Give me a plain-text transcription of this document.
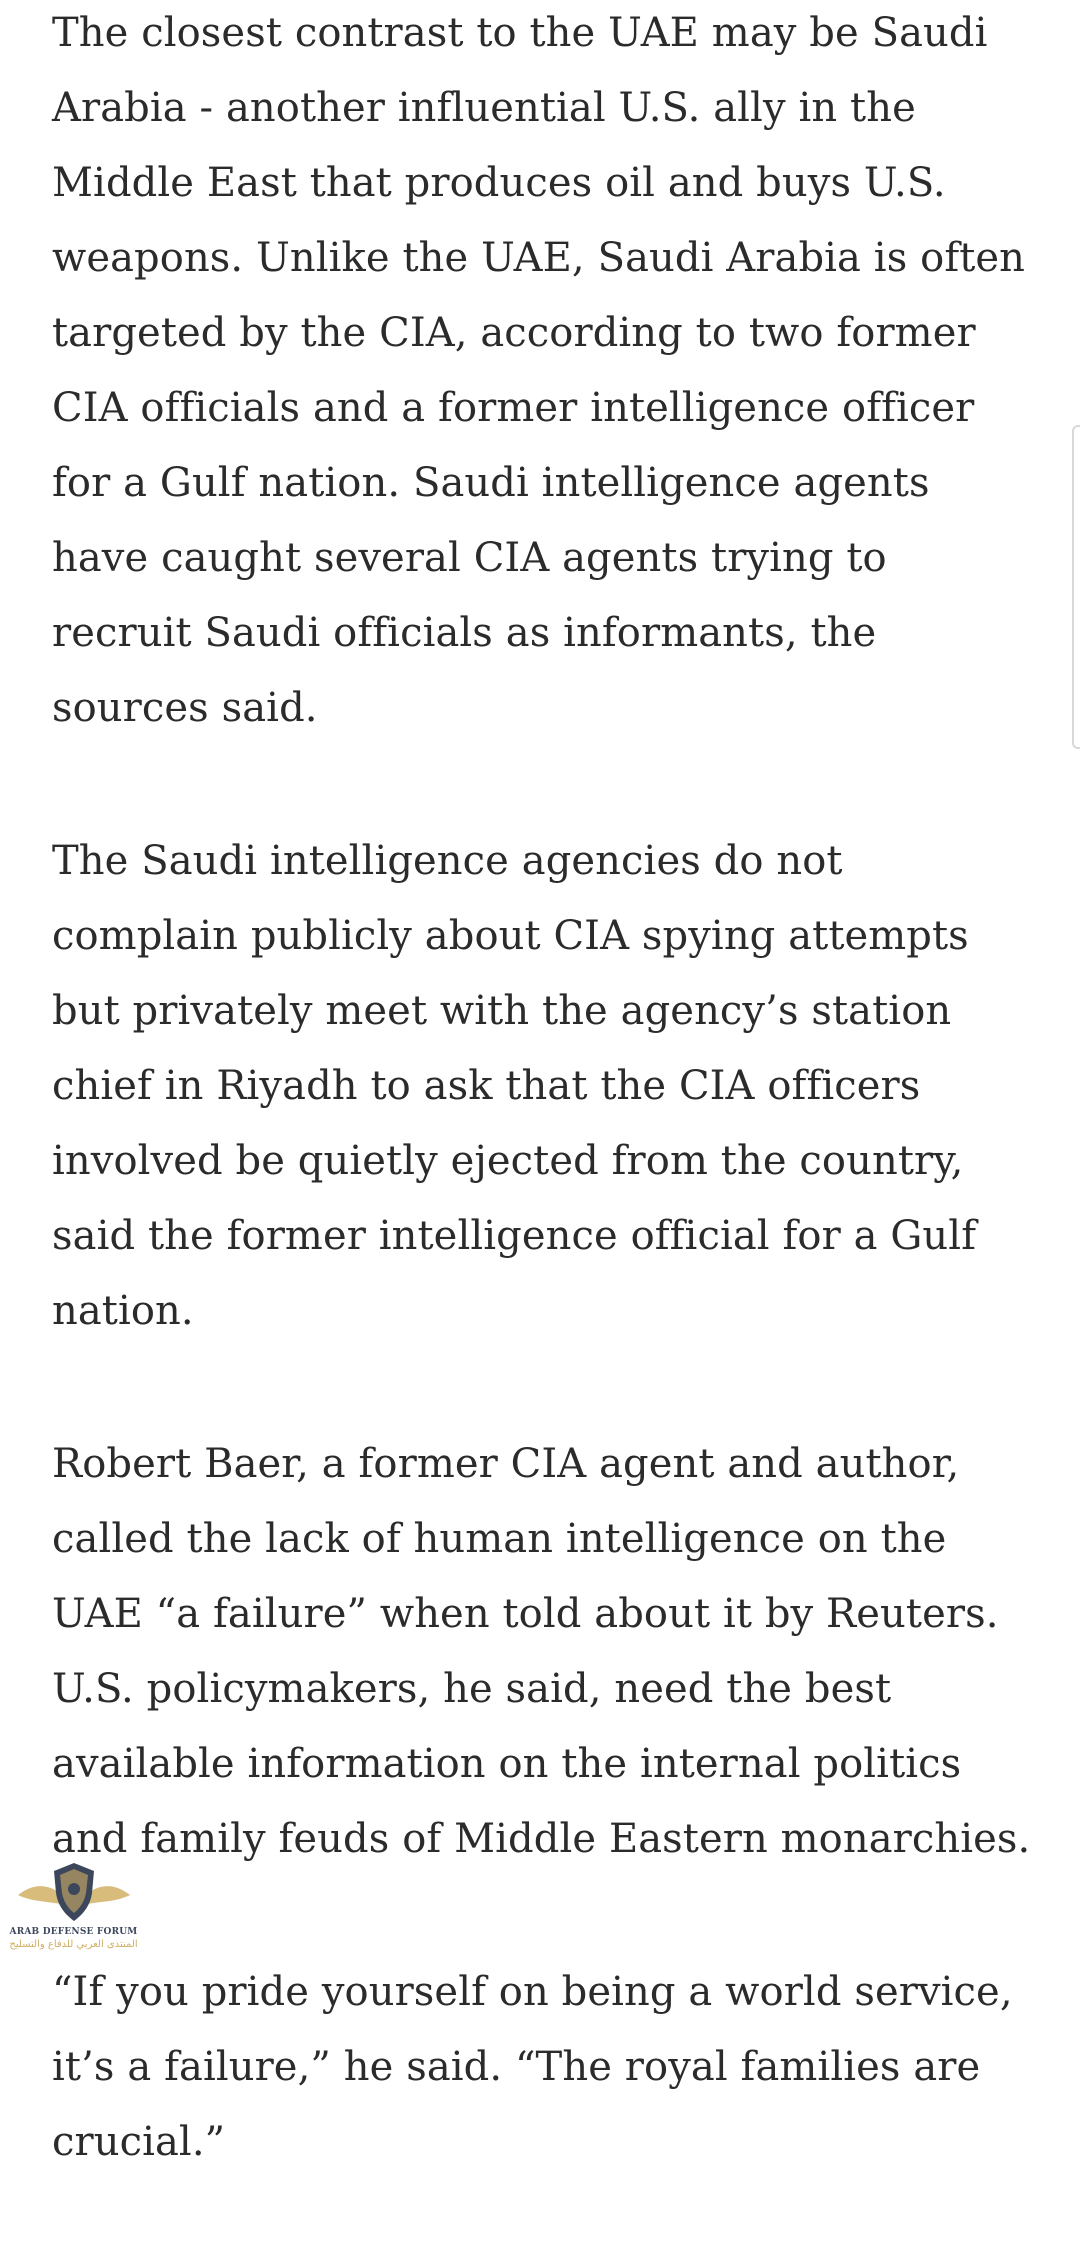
The closest contrast to the UAE may be Saudi Arabia - another influential U.S. ally in the Middle East that produces oil and buys U.S. weapons. Unlike the UAE, Saudi Arabia is often targeted by the CIA, according to two former CIA officials and a former intelligence officer for a Gulf nation. Saudi intelligence agents have caught several CIA agents trying to recruit Saudi officials as informants, the sources said.

The Saudi intelligence agencies do not complain publicly about CIA spying attempts but privately meet with the agency’s station chief in Riyadh to ask that the CIA officers involved be quietly ejected from the country, said the former intelligence official for a Gulf nation.

Robert Baer, a former CIA agent and author, called the lack of human intelligence on the UAE “a failure” when told about it by Reuters. U.S. policymakers, he said, need the best available information on the internal politics and family feuds of Middle Eastern monarchies.

“If you pride yourself on being a world service, it’s a failure,” he said. “The royal families are crucial.”

ARAB DEFENSE FORUM
المنتدى العربي للدفاع والتسليح
